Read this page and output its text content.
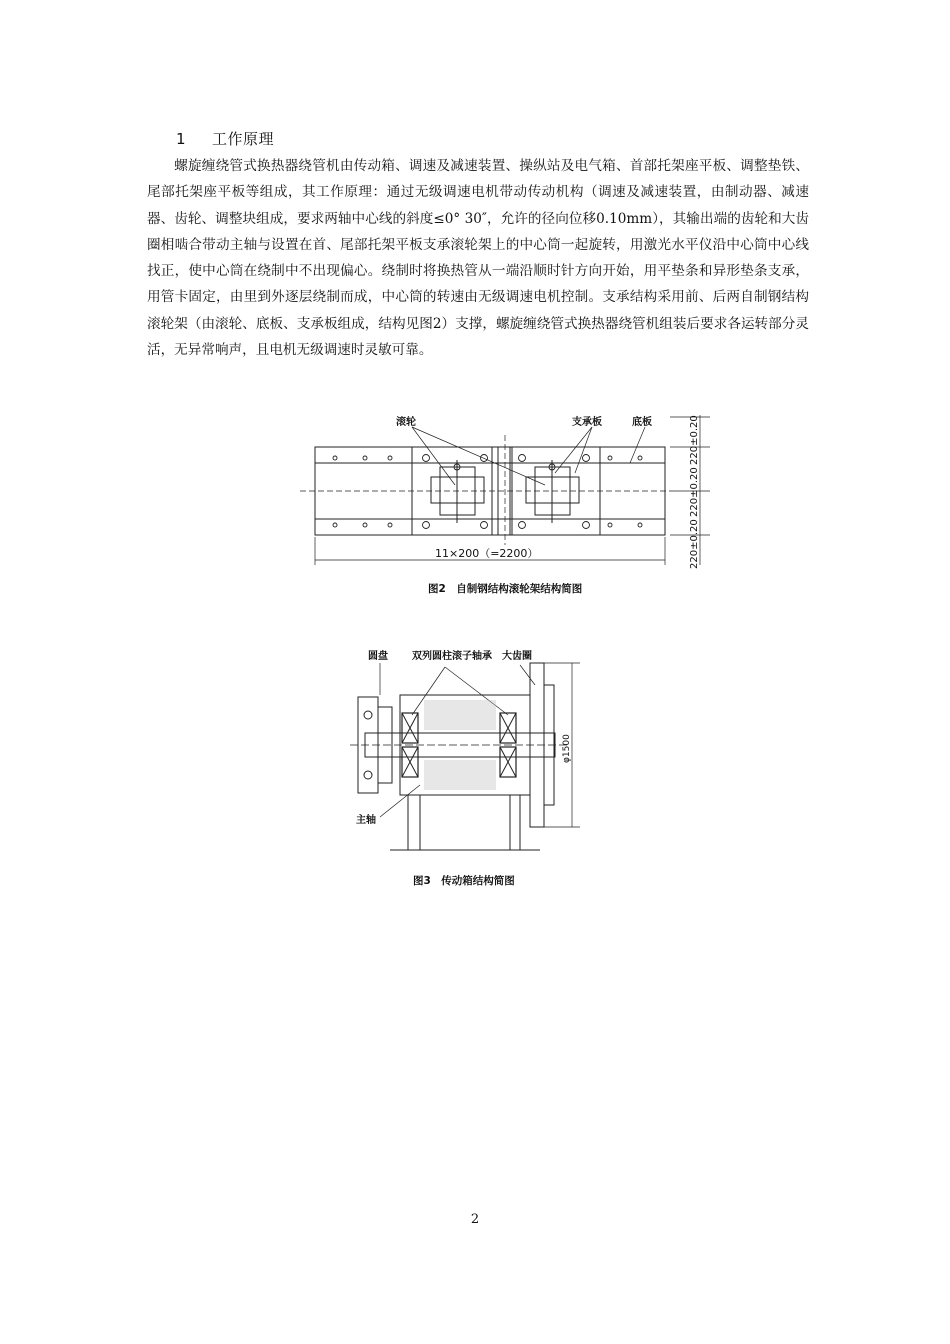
1 工作原理

螺旋缠绕管式换热器绕管机由传动箱、调速及减速装置、操纵站及电气箱、首部托架座平板、调整垫铁、尾部托架座平板等组成，其工作原理：通过无级调速电机带动传动机构（调速及减速装置，由制动器、减速器、齿轮、调整块组成，要求两轴中心线的斜度≤0° 30″，允许的径向位移0.10mm），其输出端的齿轮和大齿圈相啮合带动主轴与设置在首、尾部托架平板支承滚轮架上的中心筒一起旋转，用激光水平仪沿中心筒中心线找正，使中心筒在绕制中不出现偏心。绕制时将换热管从一端沿顺时针方向开始，用平垫条和异形垫条支承，用管卡固定，由里到外逐层绕制而成，中心筒的转速由无级调速电机控制。支承结构采用前、后两自制钢结构滚轮架（由滚轮、底板、支承板组成，结构见图2）支撑，螺旋缠绕管式换热器绕管机组装后要求各运转部分灵活，无异常响声，且电机无级调速时灵敏可靠。

滚轮	支承板	底板
11×200（=2200）
220±0.20
220±0.20
220±0.20
图2　自制钢结构滚轮架结构简图
圆盘 双列圆柱滚子轴承 大齿圈
主轴
φ1500
图3　传动箱结构简图
2
